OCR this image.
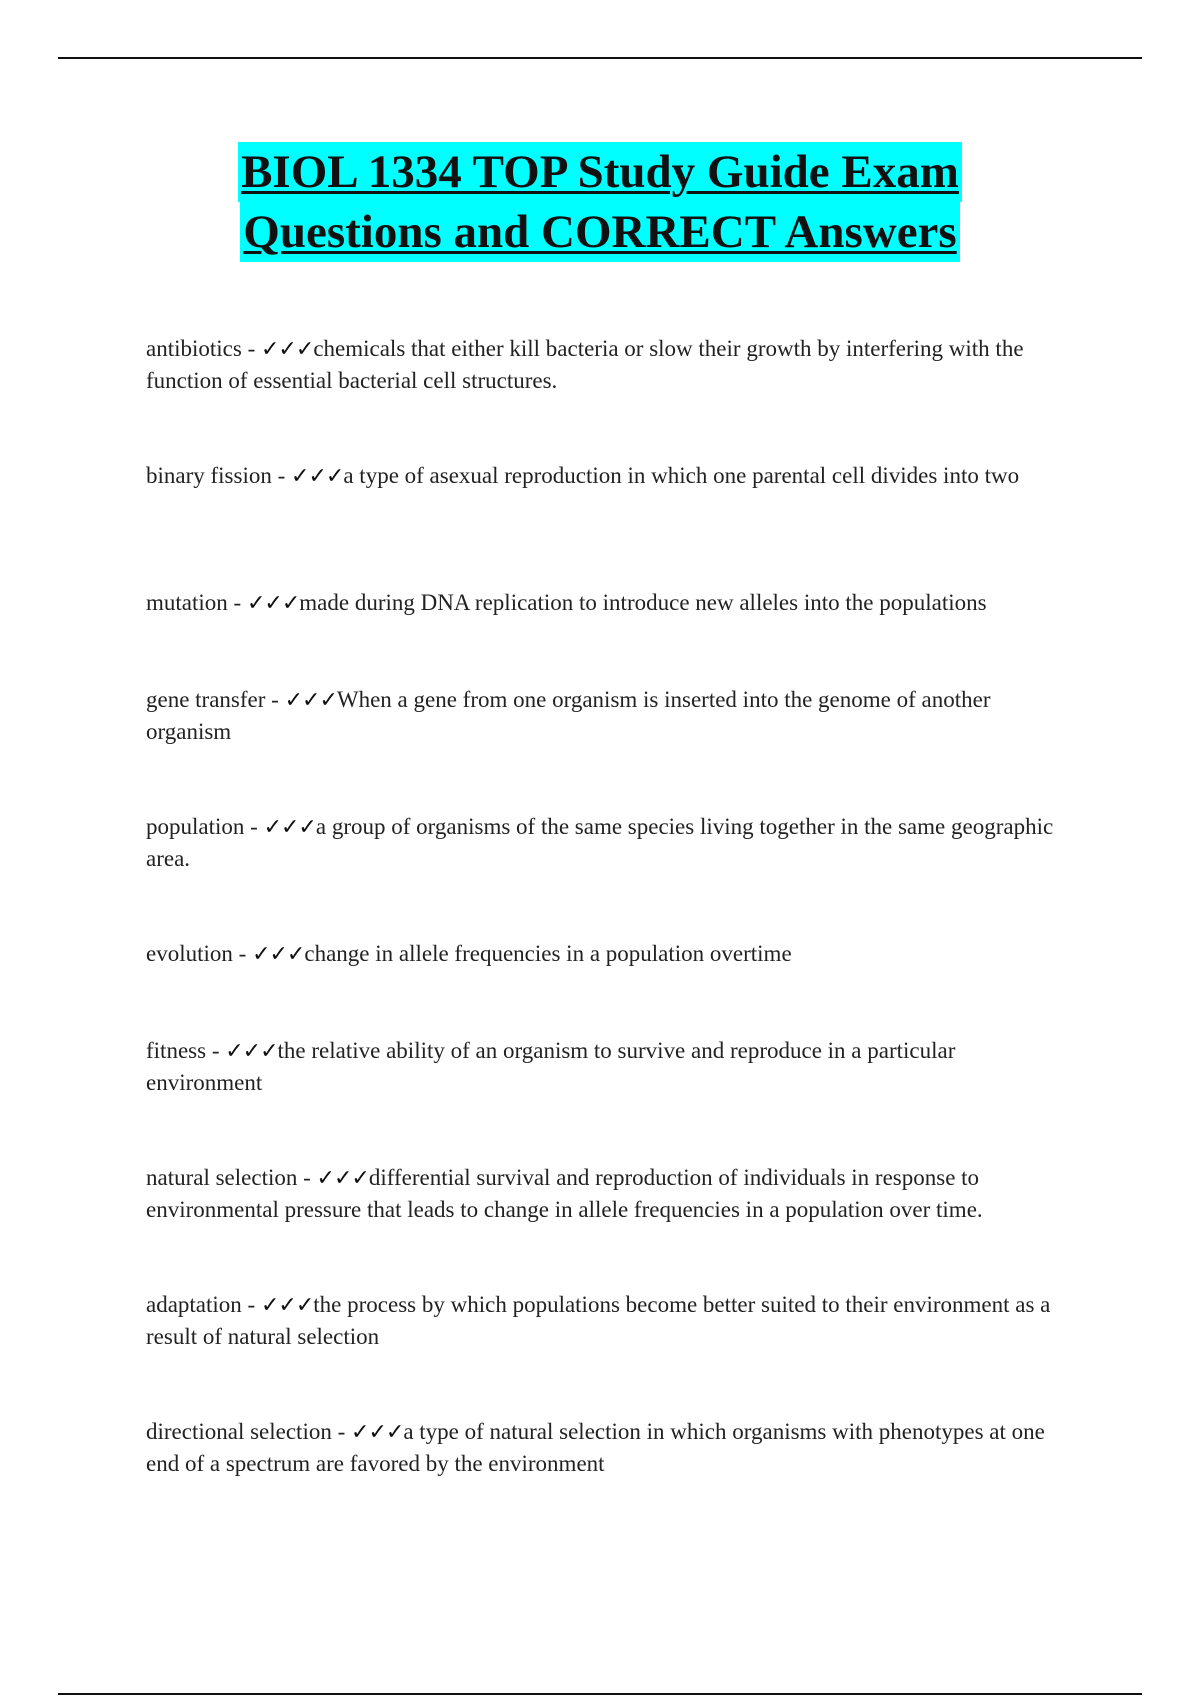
BIOL 1334 TOP Study Guide Exam
Questions and CORRECT Answers
antibiotics - ✓✓✓chemicals that either kill bacteria or slow their growth by interfering with the function of essential bacterial cell structures.
binary fission - ✓✓✓a type of asexual reproduction in which one parental cell divides into two
mutation - ✓✓✓made during DNA replication to introduce new alleles into the populations
gene transfer - ✓✓✓When a gene from one organism is inserted into the genome of another organism
population - ✓✓✓a group of organisms of the same species living together in the same geographic area.
evolution - ✓✓✓change in allele frequencies in a population overtime
fitness - ✓✓✓the relative ability of an organism to survive and reproduce in a particular environment
natural selection - ✓✓✓differential survival and reproduction of individuals in response to environmental pressure that leads to change in allele frequencies in a population over time.
adaptation - ✓✓✓the process by which populations become better suited to their environment as a result of natural selection
directional selection - ✓✓✓a type of natural selection in which organisms with phenotypes at one end of a spectrum are favored by the environment
